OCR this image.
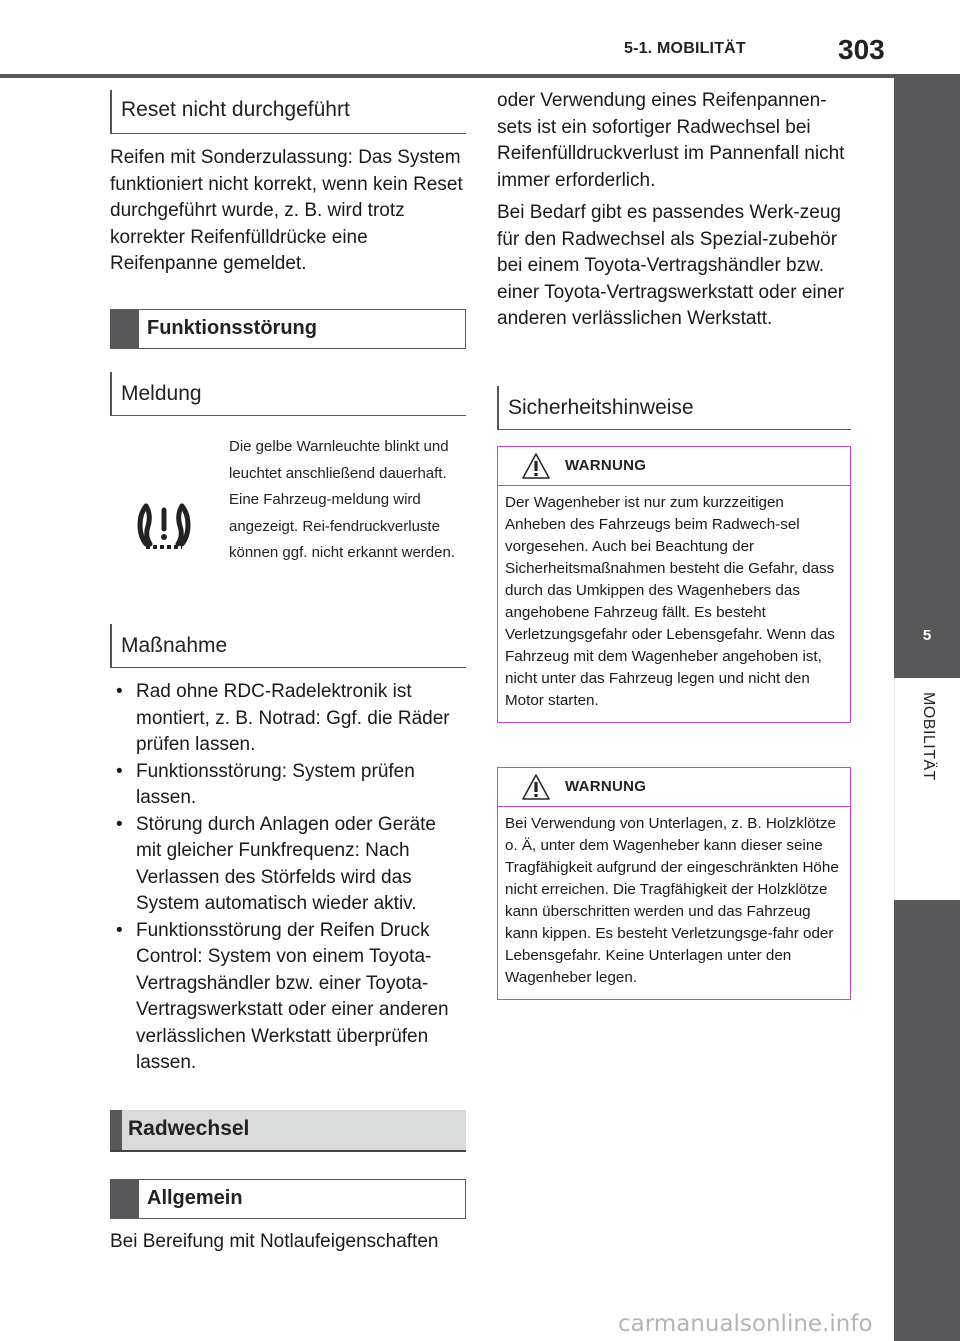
5-1. MOBILITÄT	303
5
MOBILITÄT
Reset nicht durchgeführt

Reifen mit Sonderzulassung: Das System funktioniert nicht korrekt, wenn kein Reset durchgeführt wurde, z. B. wird trotz korrekter Reifenfülldrücke eine Reifenpanne gemeldet.

Funktionsstörung
Meldung

Die gelbe Warnleuchte blinkt und leuchtet anschließend dauerhaft. Eine Fahrzeug-meldung wird angezeigt. Rei-fendruckverluste können ggf. nicht erkannt werden.

Maßnahme
• Rad ohne RDC-Radelektronik ist montiert, z. B. Notrad: Ggf. die Räder prüfen lassen.
• Funktionsstörung: System prüfen lassen.
• Störung durch Anlagen oder Geräte mit gleicher Funkfrequenz: Nach Verlassen des Störfelds wird das System automatisch wieder aktiv.
• Funktionsstörung der Reifen Druck Control: System von einem Toyota-Vertragshändler bzw. einer Toyota-Vertragswerkstatt oder einer anderen verlässlichen Werkstatt überprüfen lassen.
Radwechsel
Allgemein

Bei Bereifung mit Notlaufeigenschaften

oder Verwendung eines Reifenpannen-sets ist ein sofortiger Radwechsel bei Reifenfülldruckverlust im Pannenfall nicht immer erforderlich.

Bei Bedarf gibt es passendes Werk-zeug für den Radwechsel als Spezial-zubehör bei einem Toyota-Vertragshändler bzw. einer Toyota-Vertragswerkstatt oder einer anderen verlässlichen Werkstatt.

Sicherheitshinweise
WARNUNG

Der Wagenheber ist nur zum kurzzeitigen Anheben des Fahrzeugs beim Radwech-sel vorgesehen. Auch bei Beachtung der Sicherheitsmaßnahmen besteht die Gefahr, dass durch das Umkippen des Wagenhebers das angehobene Fahrzeug fällt. Es besteht Verletzungsgefahr oder Lebensgefahr. Wenn das Fahrzeug mit dem Wagenheber angehoben ist, nicht unter das Fahrzeug legen und nicht den Motor starten.

WARNUNG

Bei Verwendung von Unterlagen, z. B. Holzklötze o. Ä, unter dem Wagenheber kann dieser seine Tragfähigkeit aufgrund der eingeschränkten Höhe nicht erreichen. Die Tragfähigkeit der Holzklötze kann überschritten werden und das Fahrzeug kann kippen. Es besteht Verletzungsge-fahr oder Lebensgefahr. Keine Unterlagen unter den Wagenheber legen.

carmanualsonline.info
